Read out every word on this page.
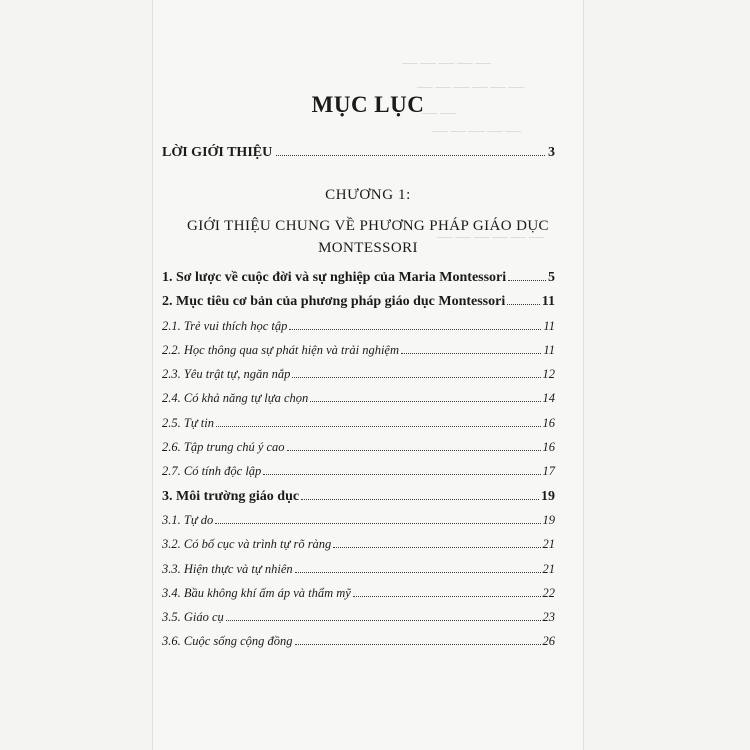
── ── ── ── ──
── ── ── ── ── ──
── ──
── ── ── ── ──
── ── ── ── ── ──
MỤC LỤC
LỜI GIỚI THIỆU	3
CHƯƠNG 1:
GIỚI THIỆU CHUNG VỀ PHƯƠNG PHÁP GIÁO DỤC MONTESSORI
1. Sơ lược về cuộc đời và sự nghiệp của Maria Montessori	5
2. Mục tiêu cơ bản của phương pháp giáo dục Montessori	11
2.1. Trẻ vui thích học tập	11
2.2. Học thông qua sự phát hiện và trải nghiệm	11
2.3. Yêu trật tự, ngăn nắp	12
2.4. Có khả năng tự lựa chọn	14
2.5. Tự tin	16
2.6. Tập trung chú ý cao	16
2.7. Có tính độc lập	17
3. Môi trường giáo dục	19
3.1. Tự do	19
3.2. Có bố cục và trình tự rõ ràng	21
3.3. Hiện thực và tự nhiên	21
3.4. Bầu không khí ấm áp và thẩm mỹ	22
3.5. Giáo cụ	23
3.6. Cuộc sống cộng đồng	26
